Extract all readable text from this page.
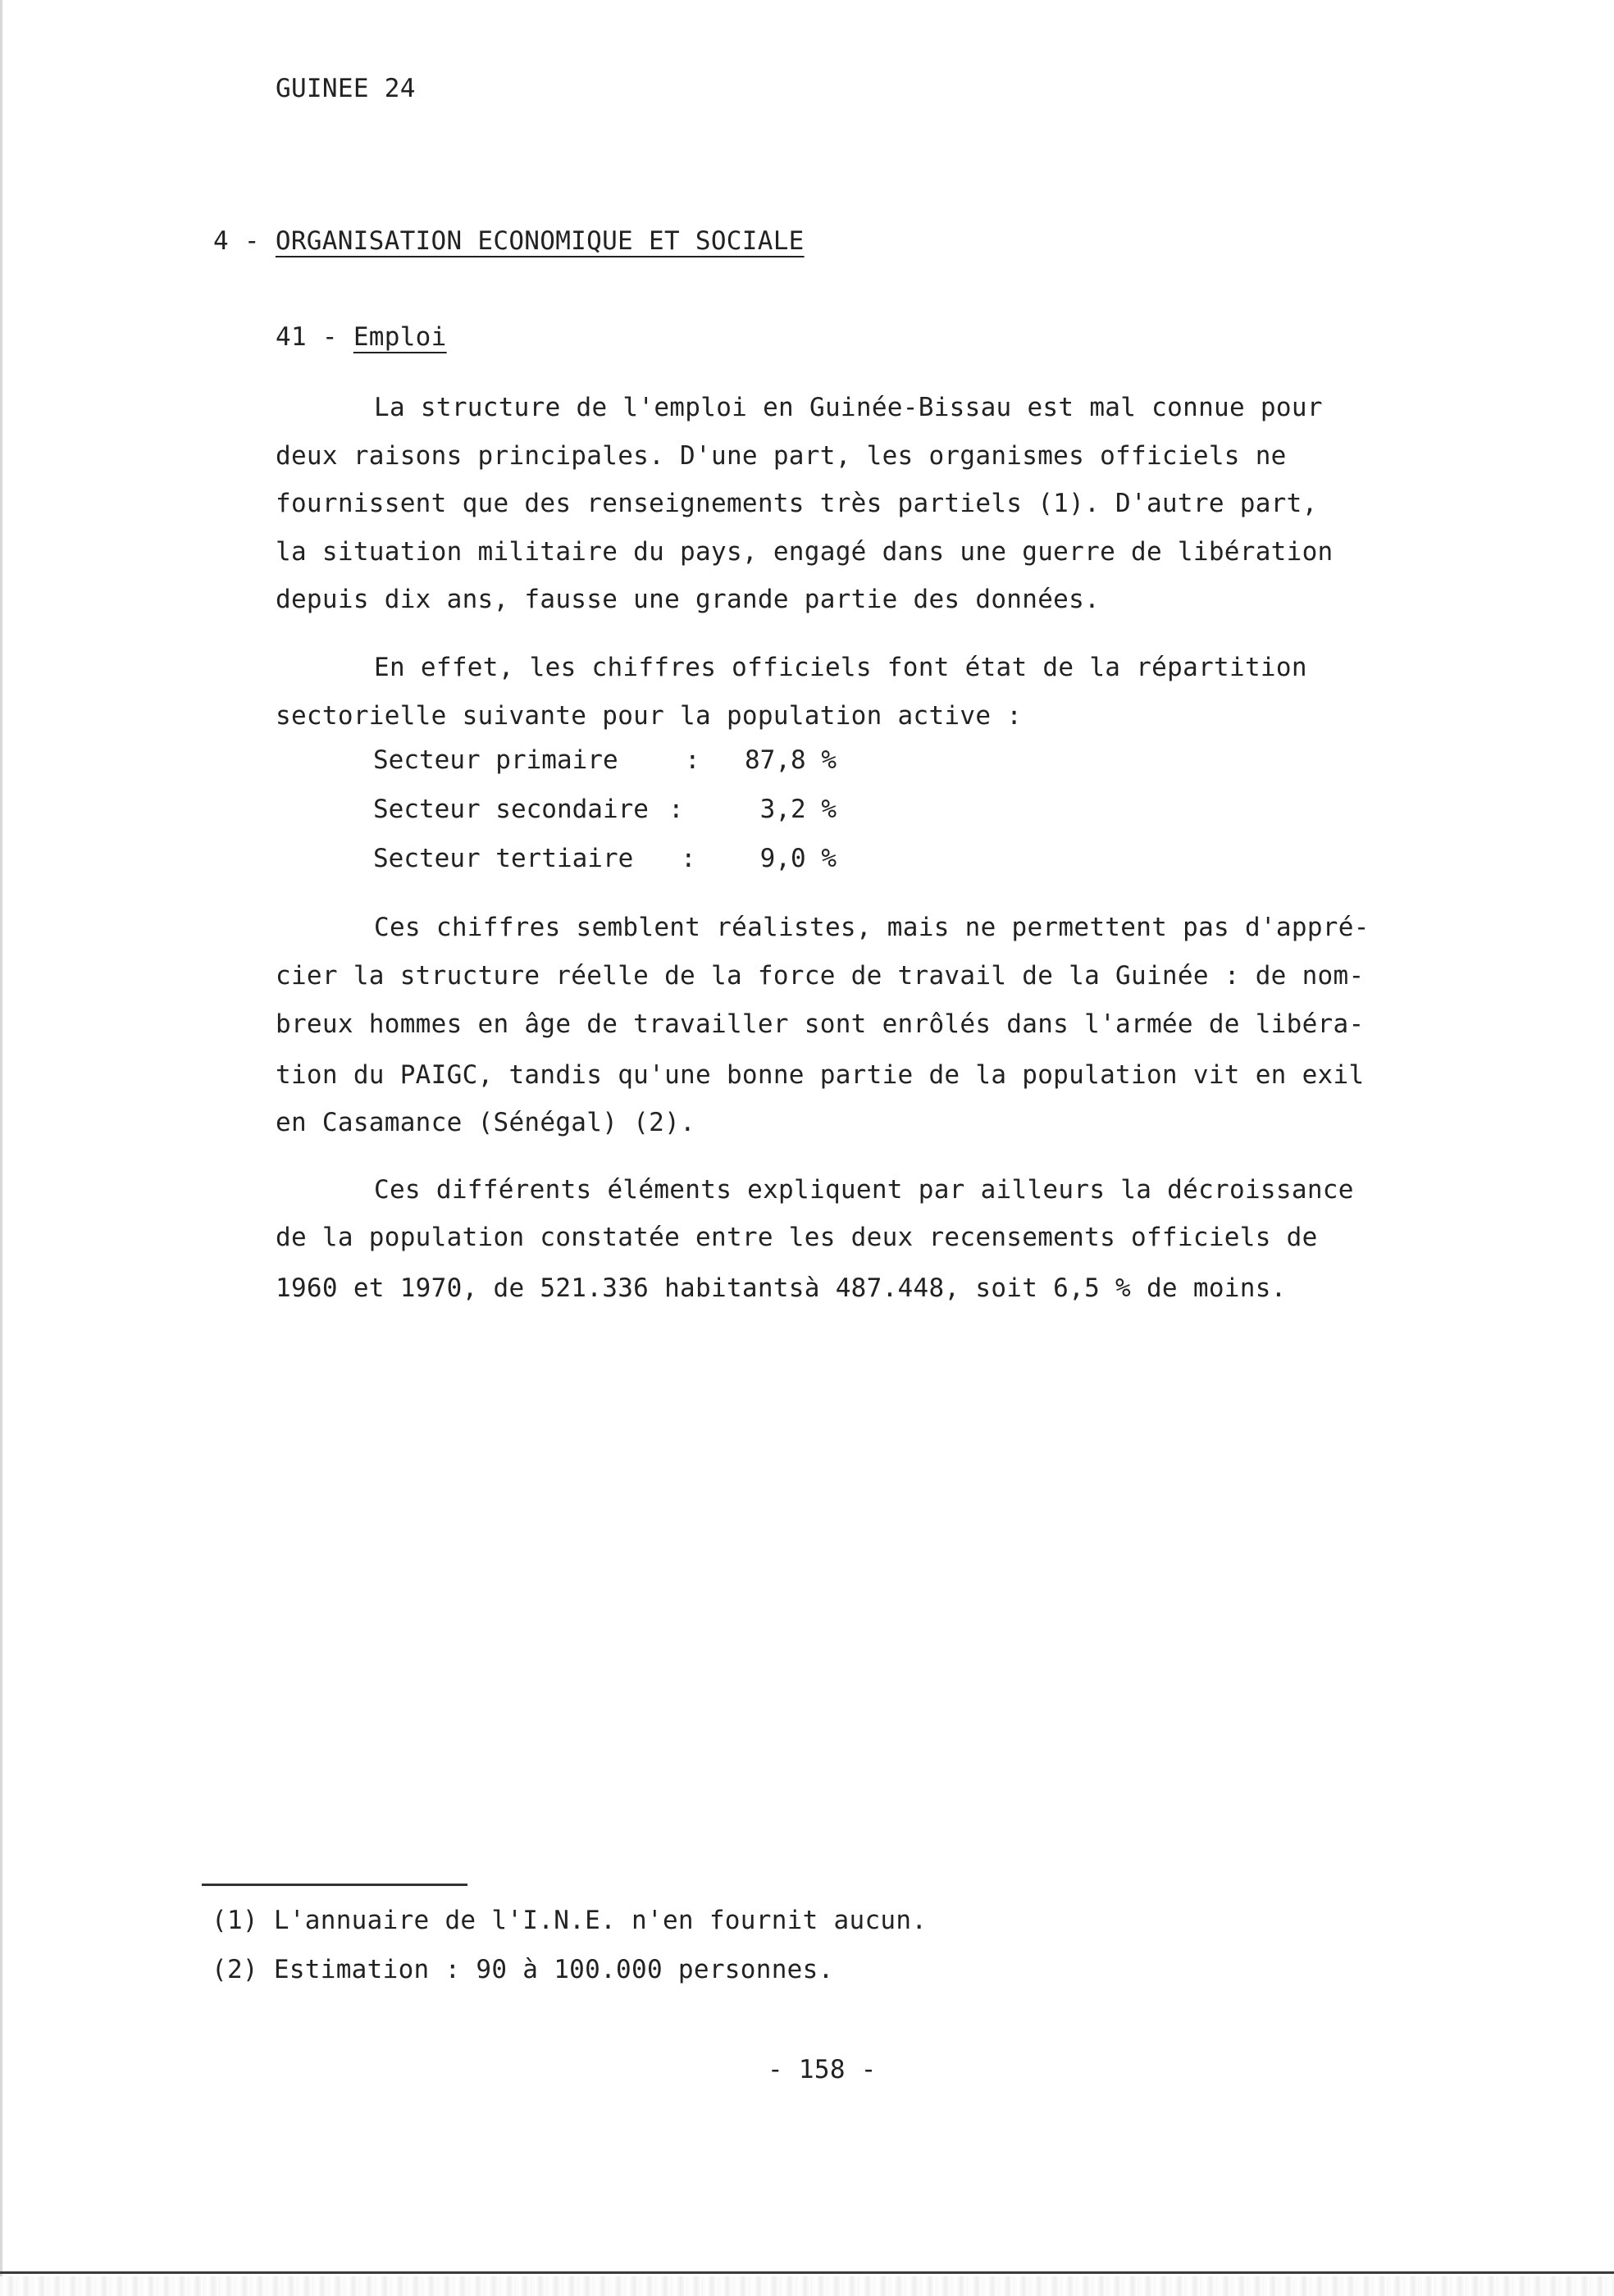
GUINEE 24
4 - ORGANISATION ECONOMIQUE ET SOCIALE
41 - Emploi
La structure de l'emploi en Guinée-Bissau est mal connue pour
deux raisons principales. D'une part, les organismes officiels ne
fournissent que des renseignements très partiels (1). D'autre part,
la situation militaire du pays, engagé dans une guerre de libération
depuis dix ans, fausse une grande partie des données.
En effet, les chiffres officiels font état de la répartition
sectorielle suivante pour la population active :
Secteur primaire	:	87,8 %
Secteur secondaire :	3,2 %
Secteur tertiaire :	9,0 %
Ces chiffres semblent réalistes, mais ne permettent pas d'appré-
cier la structure réelle de la force de travail de la Guinée : de nom-
breux hommes en âge de travailler sont enrôlés dans l'armée de libéra-
tion du PAIGC, tandis qu'une bonne partie de la population vit en exil
en Casamance (Sénégal) (2).
Ces différents éléments expliquent par ailleurs la décroissance
de la population constatée entre les deux recensements officiels de
1960 et 1970, de 521.336 habitantsà 487.448, soit 6,5 % de moins.
(1) L'annuaire de l'I.N.E. n'en fournit aucun.
(2) Estimation : 90 à 100.000 personnes.
- 158 -
